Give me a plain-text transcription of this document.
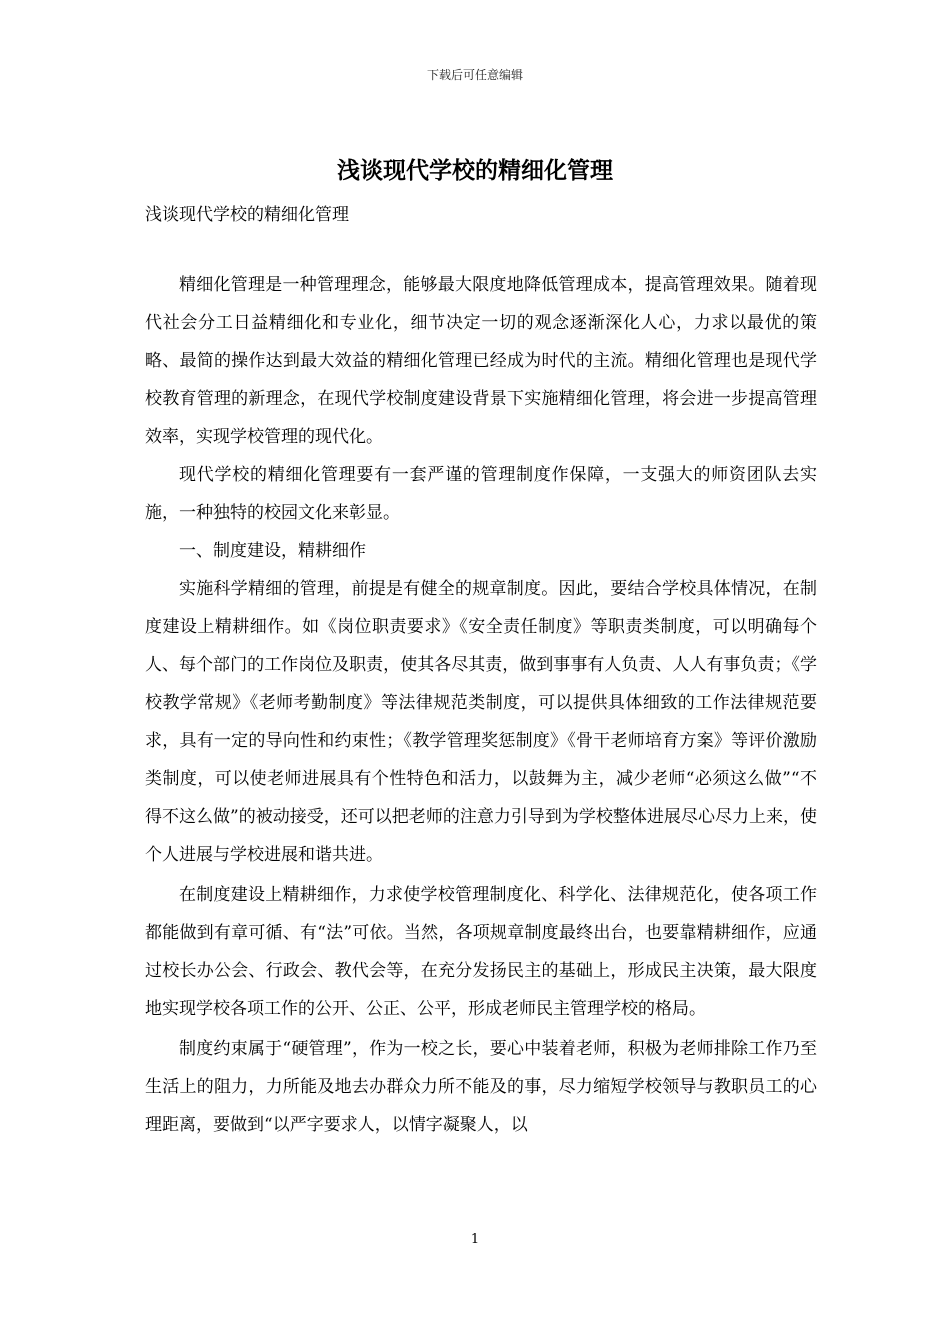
下载后可任意编辑
浅谈现代学校的精细化管理

浅谈现代学校的精细化管理

精细化管理是一种管理理念，能够最大限度地降低管理成本，提高管理效果。随着现代社会分工日益精细化和专业化，细节决定一切的观念逐渐深化人心，力求以最优的策略、最简的操作达到最大效益的精细化管理已经成为时代的主流。精细化管理也是现代学校教育管理的新理念，在现代学校制度建设背景下实施精细化管理，将会进一步提高管理效率，实现学校管理的现代化。

现代学校的精细化管理要有一套严谨的管理制度作保障，一支强大的师资团队去实施，一种独特的校园文化来彰显。

一、制度建设，精耕细作

实施科学精细的管理，前提是有健全的规章制度。因此，要结合学校具体情况，在制度建设上精耕细作。如《岗位职责要求》《安全责任制度》等职责类制度，可以明确每个人、每个部门的工作岗位及职责，使其各尽其责，做到事事有人负责、人人有事负责；《学校教学常规》《老师考勤制度》等法律规范类制度，可以提供具体细致的工作法律规范要求，具有一定的导向性和约束性；《教学管理奖惩制度》《骨干老师培育方案》等评价激励类制度，可以使老师进展具有个性特色和活力，以鼓舞为主，减少老师“必须这么做”“不得不这么做”的被动接受，还可以把老师的注意力引导到为学校整体进展尽心尽力上来，使个人进展与学校进展和谐共进。

在制度建设上精耕细作，力求使学校管理制度化、科学化、法律规范化，使各项工作都能做到有章可循、有“法”可依。当然，各项规章制度最终出台，也要靠精耕细作，应通过校长办公会、行政会、教代会等，在充分发扬民主的基础上，形成民主决策，最大限度地实现学校各项工作的公开、公正、公平，形成老师民主管理学校的格局。

制度约束属于“硬管理”，作为一校之长，要心中装着老师，积极为老师排除工作乃至生活上的阻力，力所能及地去办群众力所不能及的事，尽力缩短学校领导与教职员工的心理距离，要做到“以严字要求人，以情字凝聚人，以

1
